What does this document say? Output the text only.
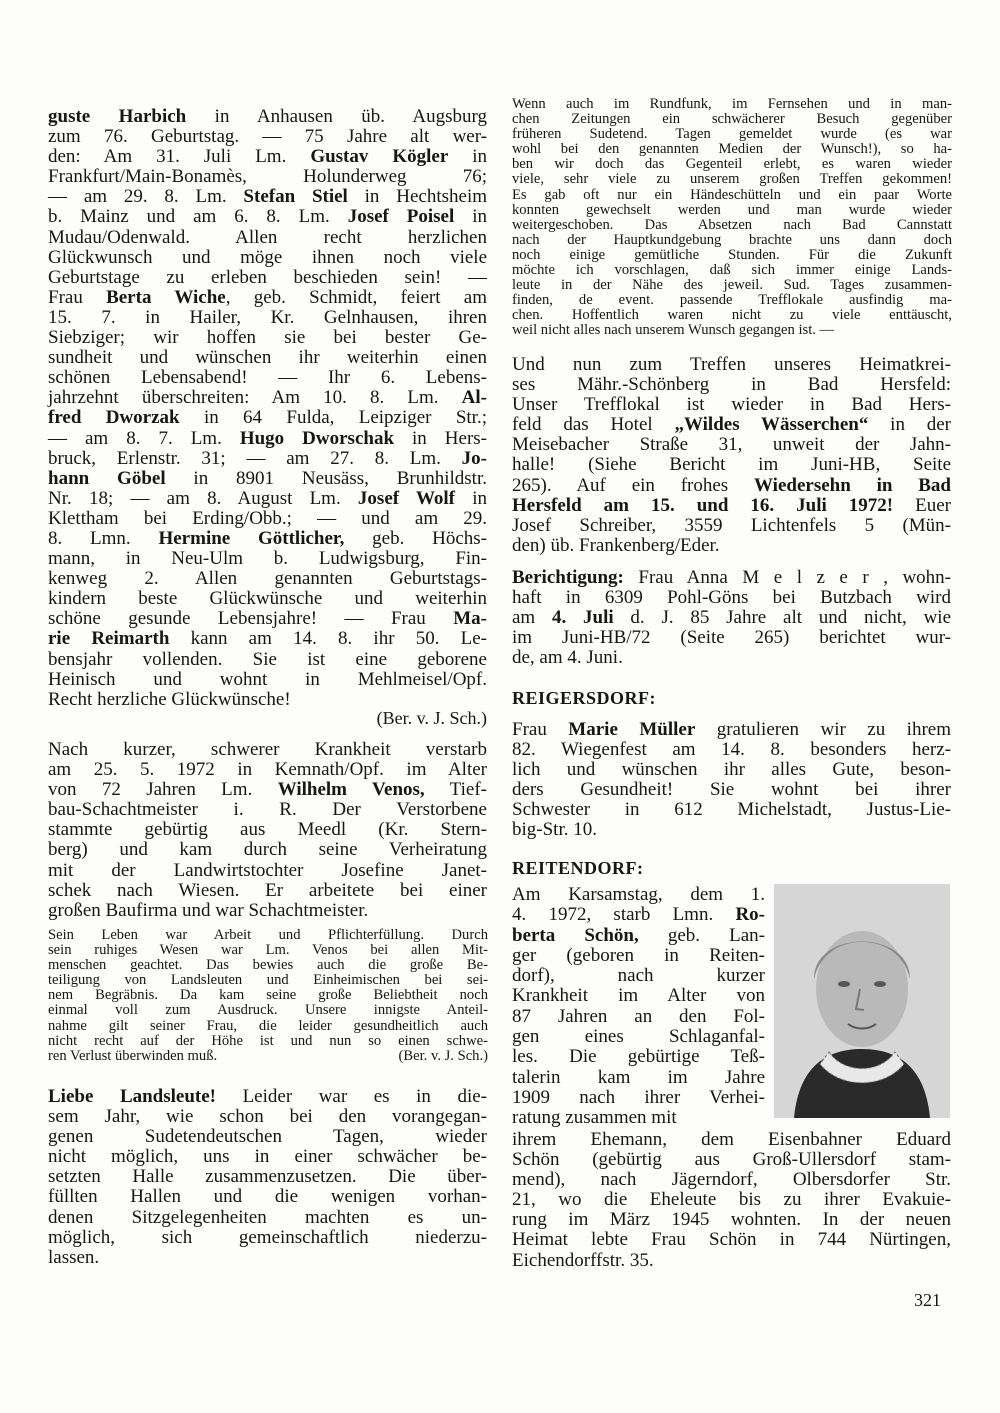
guste Harbich in Anhausen üb. Augsburg
zum 76. Geburtstag. — 75 Jahre alt wer-
den: Am 31. Juli Lm. Gustav Kögler in
Frankfurt/Main-Bonamès, Holunderweg 76;
— am 29. 8. Lm. Stefan Stiel in Hechtsheim
b. Mainz und am 6. 8. Lm. Josef Poisel in
Mudau/Odenwald. Allen recht herzlichen
Glückwunsch und möge ihnen noch viele
Geburtstage zu erleben beschieden sein! —
Frau Berta Wiche, geb. Schmidt, feiert am
15. 7. in Hailer, Kr. Gelnhausen, ihren
Siebziger; wir hoffen sie bei bester Ge-
sundheit und wünschen ihr weiterhin einen
schönen Lebensabend! — Ihr 6. Lebens-
jahrzehnt überschreiten: Am 10. 8. Lm. Al-
fred Dworzak in 64 Fulda, Leipziger Str.;
— am 8. 7. Lm. Hugo Dworschak in Hers-
bruck, Erlenstr. 31; — am 27. 8. Lm. Jo-
hann Göbel in 8901 Neusäss, Brunhildstr.
Nr. 18; — am 8. August Lm. Josef Wolf in
Klettham bei Erding/Obb.; — und am 29.
8. Lmn. Hermine Göttlicher, geb. Höchs-
mann, in Neu-Ulm b. Ludwigsburg, Fin-
kenweg 2. Allen genannten Geburtstags-
kindern beste Glückwünsche und weiterhin
schöne gesunde Lebensjahre! — Frau Ma-
rie Reimarth kann am 14. 8. ihr 50. Le-
bensjahr vollenden. Sie ist eine geborene
Heinisch und wohnt in Mehlmeisel/Opf.
Recht herzliche Glückwünsche!
(Ber. v. J. Sch.)
Nach kurzer, schwerer Krankheit verstarb
am 25. 5. 1972 in Kemnath/Opf. im Alter
von 72 Jahren Lm. Wilhelm Venos, Tief-
bau-Schachtmeister i. R. Der Verstorbene
stammte gebürtig aus Meedl (Kr. Stern-
berg) und kam durch seine Verheiratung
mit der Landwirtstochter Josefine Janet-
schek nach Wiesen. Er arbeitete bei einer
großen Baufirma und war Schachtmeister.
Sein Leben war Arbeit und Pflichterfüllung. Durch
sein ruhiges Wesen war Lm. Venos bei allen Mit-
menschen geachtet. Das bewies auch die große Be-
teiligung von Landsleuten und Einheimischen bei sei-
nem Begräbnis. Da kam seine große Beliebtheit noch
einmal voll zum Ausdruck. Unsere innigste Anteil-
nahme gilt seiner Frau, die leider gesundheitlich auch
nicht recht auf der Höhe ist und nun so einen schwe-
ren Verlust überwinden muß.	(Ber. v. J. Sch.)
Liebe Landsleute! Leider war es in die-
sem Jahr, wie schon bei den vorangegan-
genen Sudetendeutschen Tagen, wieder
nicht möglich, uns in einer schwächer be-
setzten Halle zusammenzusetzen. Die über-
füllten Hallen und die wenigen vorhan-
denen Sitzgelegenheiten machten es un-
möglich, sich gemeinschaftlich niederzu-
lassen.
Wenn auch im Rundfunk, im Fernsehen und in man-
chen Zeitungen ein schwächerer Besuch gegenüber
früheren Sudetend. Tagen gemeldet wurde (es war
wohl bei den genannten Medien der Wunsch!), so ha-
ben wir doch das Gegenteil erlebt, es waren wieder
viele, sehr viele zu unserem großen Treffen gekommen!
Es gab oft nur ein Händeschütteln und ein paar Worte
konnten gewechselt werden und man wurde wieder
weitergeschoben. Das Absetzen nach Bad Cannstatt
nach der Hauptkundgebung brachte uns dann doch
noch einige gemütliche Stunden. Für die Zukunft
möchte ich vorschlagen, daß sich immer einige Lands-
leute in der Nähe des jeweil. Sud. Tages zusammen-
finden, de event. passende Trefflokale ausfindig ma-
chen. Hoffentlich waren nicht zu viele enttäuscht,
weil nicht alles nach unserem Wunsch gegangen ist. —
Und nun zum Treffen unseres Heimatkrei-
ses Mähr.-Schönberg in Bad Hersfeld:
Unser Trefflokal ist wieder in Bad Hers-
feld das Hotel „Wildes Wässerchen“ in der
Meisebacher Straße 31, unweit der Jahn-
halle! (Siehe Bericht im Juni-HB, Seite
265). Auf ein frohes Wiedersehn in Bad
Hersfeld am 15. und 16. Juli 1972! Euer
Josef Schreiber, 3559 Lichtenfels 5 (Mün-
den) üb. Frankenberg/Eder.
Berichtigung: Frau Anna M e l z e r , wohn-
haft in 6309 Pohl-Göns bei Butzbach wird
am 4. Juli d. J. 85 Jahre alt und nicht, wie
im Juni-HB/72 (Seite 265) berichtet wur-
de, am 4. Juni.
REIGERSDORF:
Frau Marie Müller gratulieren wir zu ihrem
82. Wiegenfest am 14. 8. besonders herz-
lich und wünschen ihr alles Gute, beson-
ders Gesundheit! Sie wohnt bei ihrer
Schwester in 612 Michelstadt, Justus-Lie-
big-Str. 10.
REITENDORF:
Am Karsamstag, dem 1.
4. 1972, starb Lmn. Ro-
berta Schön, geb. Lan-
ger (geboren in Reiten-
dorf), nach kurzer
Krankheit im Alter von
87 Jahren an den Fol-
gen eines Schlaganfal-
les. Die gebürtige Teß-
talerin kam im Jahre
1909 nach ihrer Verhei-
ratung zusammen mit
ihrem Ehemann, dem Eisenbahner Eduard
Schön (gebürtig aus Groß-Ullersdorf stam-
mend), nach Jägerndorf, Olbersdorfer Str.
21, wo die Eheleute bis zu ihrer Evakuie-
rung im März 1945 wohnten. In der neuen
Heimat lebte Frau Schön in 744 Nürtingen,
Eichendorffstr. 35.
321
